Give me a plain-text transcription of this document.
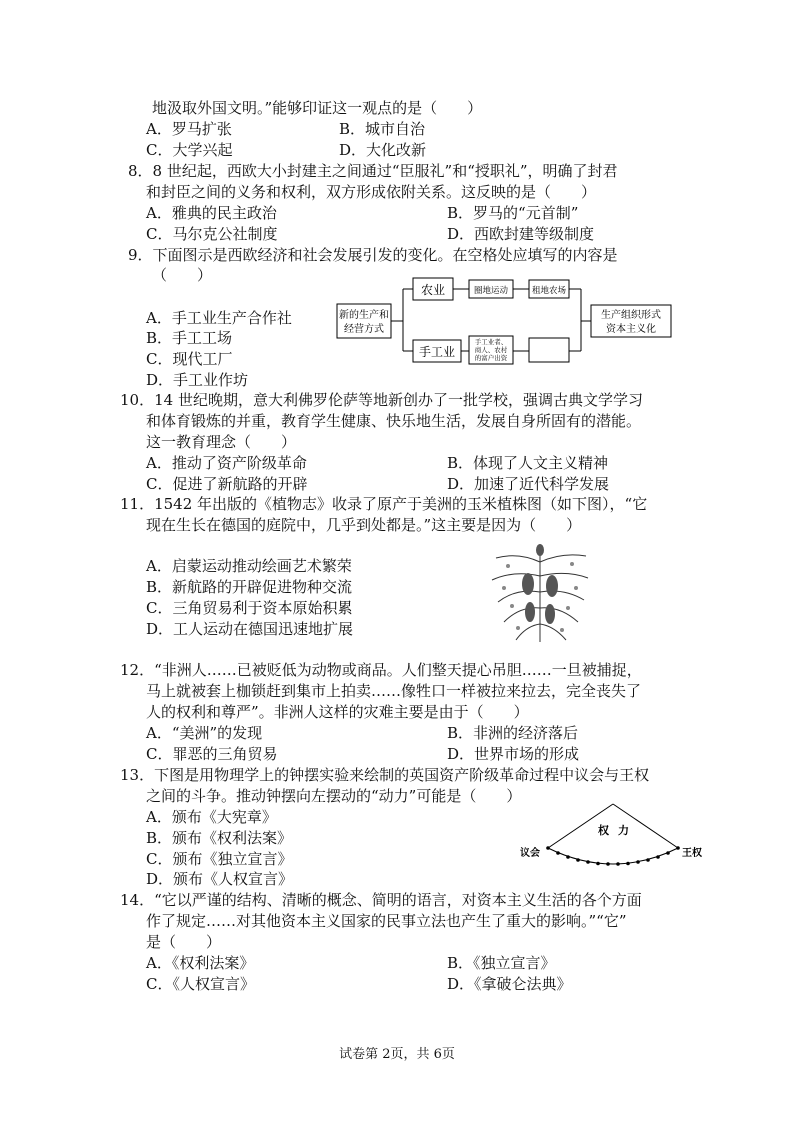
地汲取外国文明。”能够印证这一观点的是（　　）
A．罗马扩张	B．城市自治
C．大学兴起	D．大化改新
8．8 世纪起，西欧大小封建主之间通过“臣服礼”和“授职礼”，明确了封君
和封臣之间的义务和权利，双方形成依附关系。这反映的是（　　）
A．雅典的民主政治	B．罗马的“元首制”
C．马尔克公社制度	D．西欧封建等级制度
9．下面图示是西欧经济和社会发展引发的变化。在空格处应填写的内容是
（　　）
A．手工业生产合作社
B．手工工场
C．现代工厂
D．手工业作坊
新的生产和
经营方式
农业	圈地运动	租地农场
手工业
手工业者、
商人、农村
的富户出资
生产组织形式
资本主义化
10．14 世纪晚期，意大利佛罗伦萨等地新创办了一批学校，强调古典文学学习
和体育锻炼的并重，教育学生健康、快乐地生活，发展自身所固有的潜能。
这一教育理念（　　）
A．推动了资产阶级革命	B．体现了人文主义精神
C．促进了新航路的开辟	D．加速了近代科学发展
11．1542 年出版的《植物志》收录了原产于美洲的玉米植株图（如下图），“它
现在生长在德国的庭院中，几乎到处都是。”这主要是因为（　　）
A．启蒙运动推动绘画艺术繁荣
B．新航路的开辟促进物种交流
C．三角贸易利于资本原始积累
D．工人运动在德国迅速地扩展
12．“非洲人……已被贬低为动物或商品。人们整天提心吊胆……一旦被捕捉，
马上就被套上枷锁赶到集市上拍卖……像牲口一样被拉来拉去，完全丧失了
人的权利和尊严”。非洲人这样的灾难主要是由于（　　）
A．“美洲”的发现	B．非洲的经济落后
C．罪恶的三角贸易	D．世界市场的形成
13．下图是用物理学上的钟摆实验来绘制的英国资产阶级革命过程中议会与王权
之间的斗争。推动钟摆向左摆动的“动力”可能是（　　）
A．颁布《大宪章》
B．颁布《权利法案》
C．颁布《独立宣言》
D．颁布《人权宣言》
议会	王权
权 力
14．“它以严谨的结构、清晰的概念、简明的语言，对资本主义生活的各个方面
作了规定……对其他资本主义国家的民事立法也产生了重大的影响。”“它”
是（　　）
A．《权利法案》	B．《独立宣言》
C．《人权宣言》	D．《拿破仑法典》
试卷第 2页，共 6页
